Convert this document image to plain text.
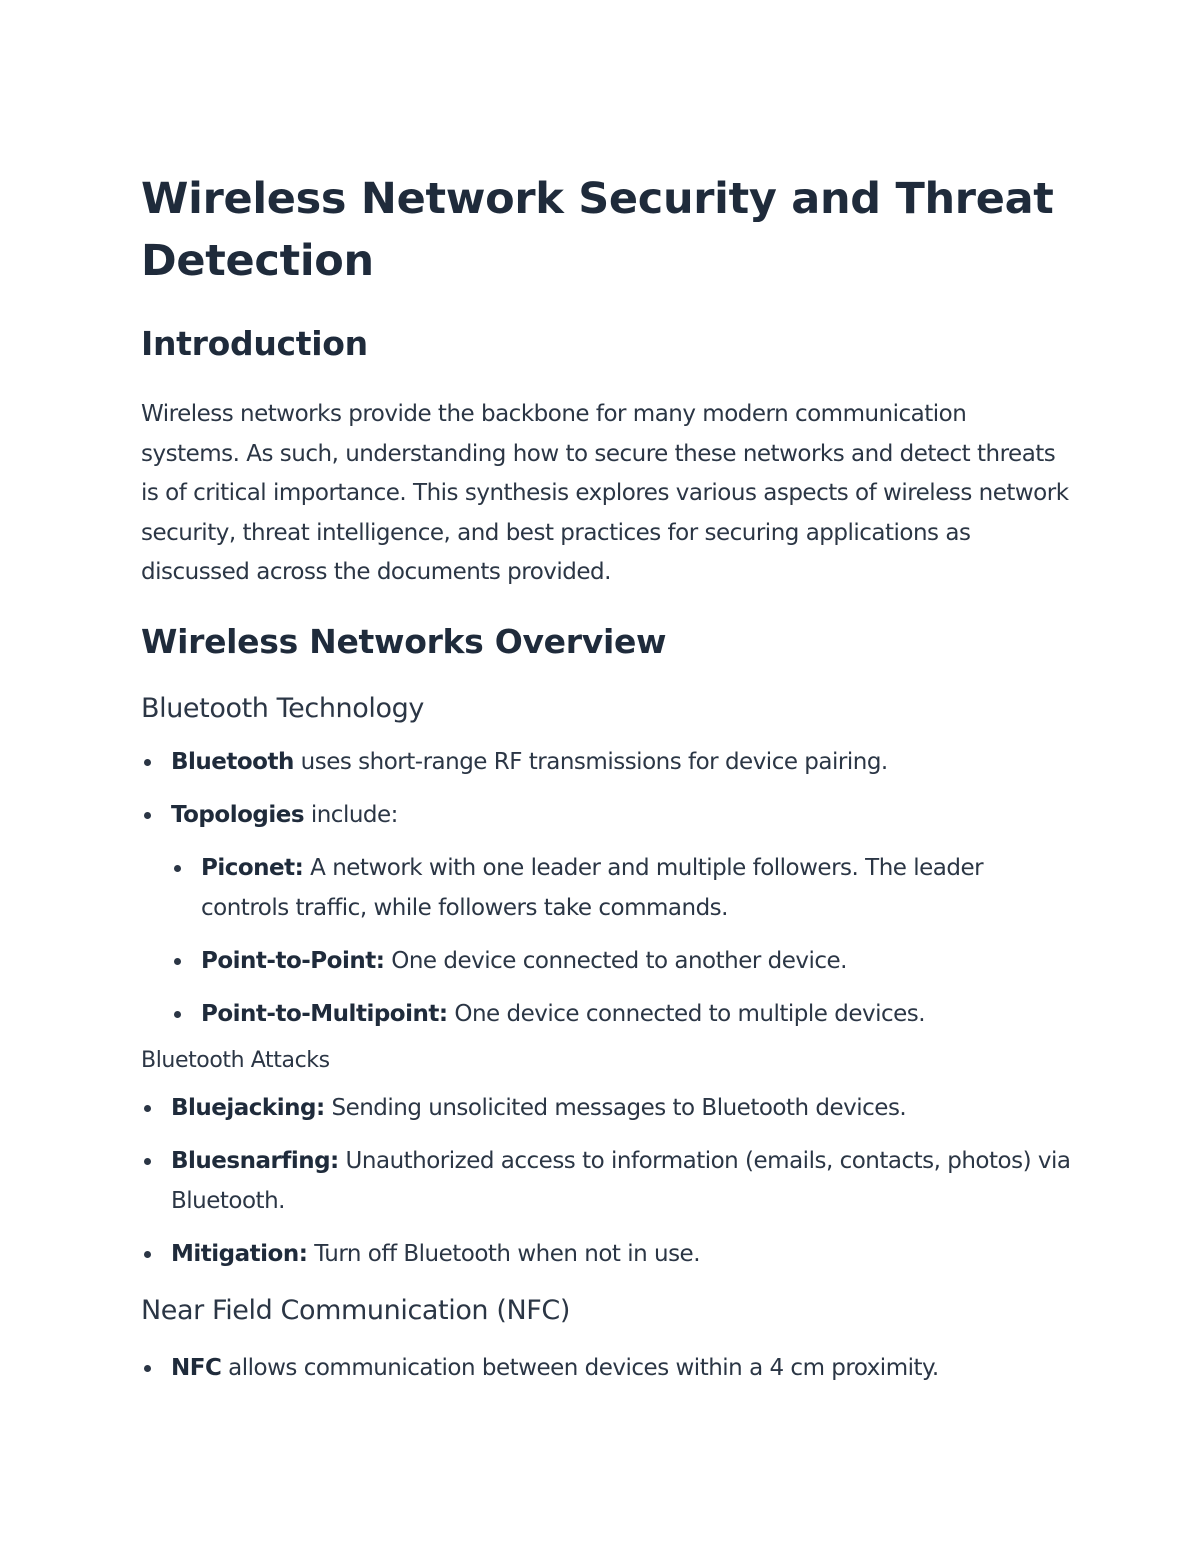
Wireless Network Security and Threat Detection
Introduction

Wireless networks provide the backbone for many modern communication systems. As such, understanding how to secure these networks and detect threats is of critical importance. This synthesis explores various aspects of wireless network security, threat intelligence, and best practices for securing applications as discussed across the documents provided.

Wireless Networks Overview
Bluetooth Technology
Bluetooth uses short-range RF transmissions for device pairing.
Topologies include:
Piconet: A network with one leader and multiple followers. The leader controls traffic, while followers take commands.
Point-to-Point: One device connected to another device.
Point-to-Multipoint: One device connected to multiple devices.
Bluetooth Attacks
Bluejacking: Sending unsolicited messages to Bluetooth devices.
Bluesnarfing: Unauthorized access to information (emails, contacts, photos) via Bluetooth.
Mitigation: Turn off Bluetooth when not in use.
Near Field Communication (NFC)
NFC allows communication between devices within a 4 cm proximity.
